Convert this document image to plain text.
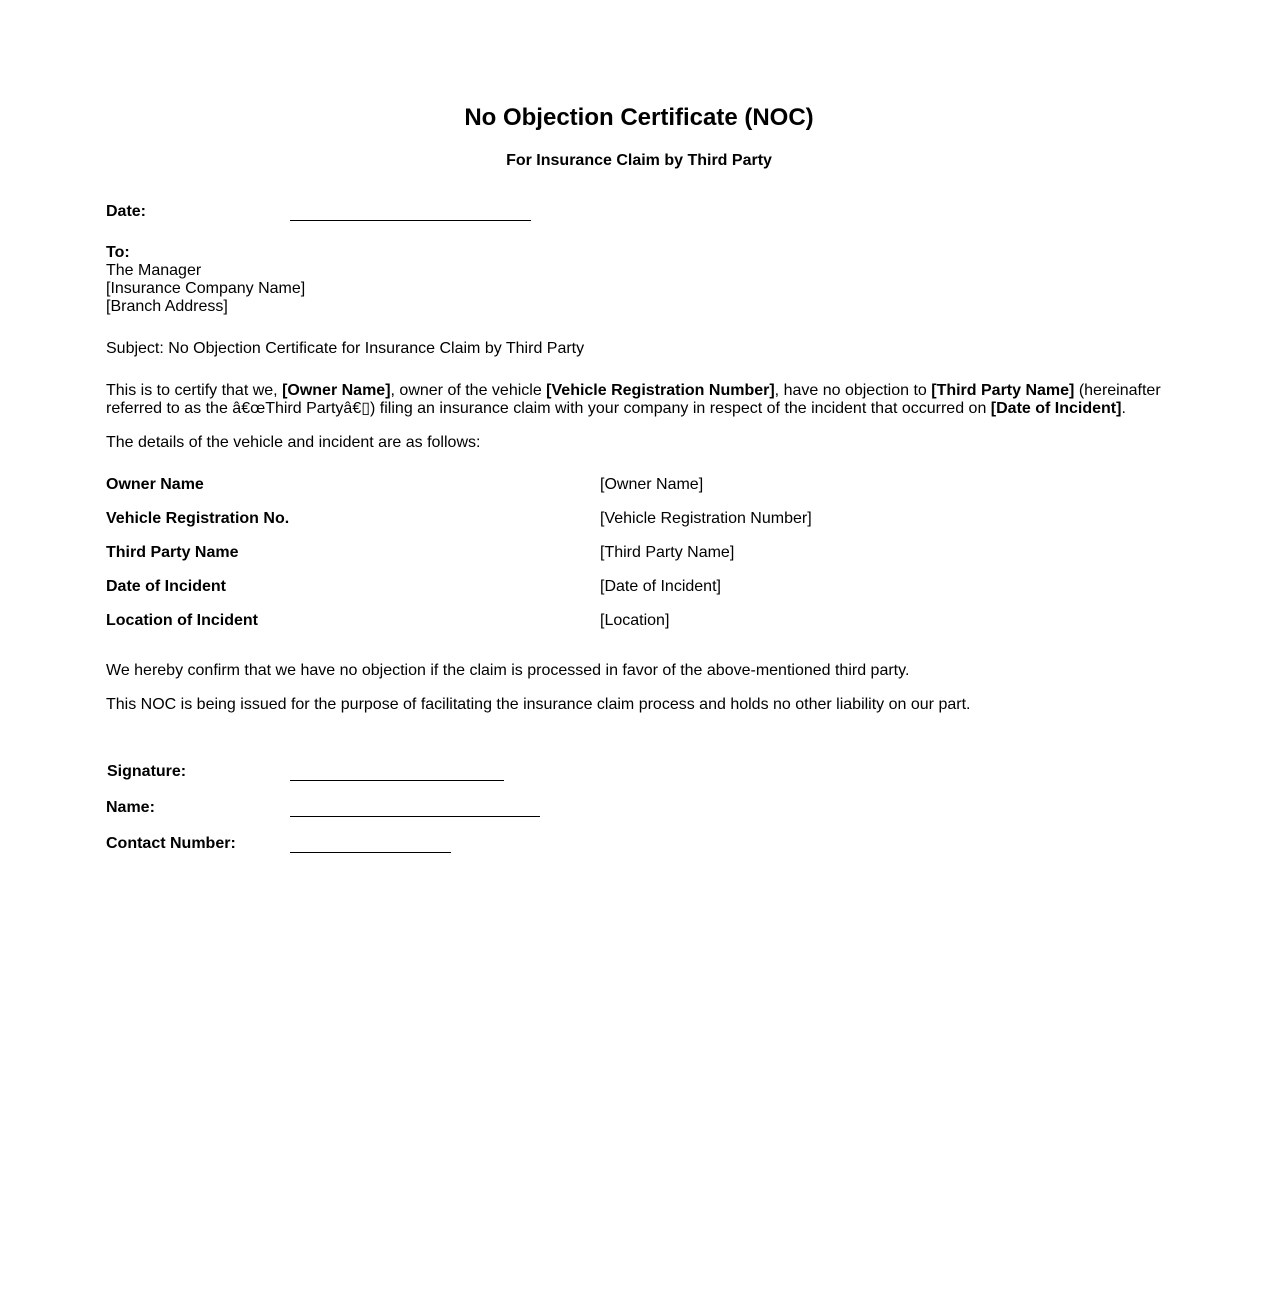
No Objection Certificate (NOC)
For Insurance Claim by Third Party
Date:
To:
The Manager
[Insurance Company Name]
[Branch Address]
Subject: No Objection Certificate for Insurance Claim by Third Party

This is to certify that we, [Owner Name], owner of the vehicle [Vehicle Registration Number], have no objection to [Third Party Name] (hereinafter referred to as the â€œThird Partyâ€▯) filing an insurance claim with your company in respect of the incident that occurred on [Date of Incident].

The details of the vehicle and incident are as follows:

Owner Name	[Owner Name]
Vehicle Registration No.	[Vehicle Registration Number]
Third Party Name	[Third Party Name]
Date of Incident	[Date of Incident]
Location of Incident	[Location]

We hereby confirm that we have no objection if the claim is processed in favor of the above-mentioned third party.

This NOC is being issued for the purpose of facilitating the insurance claim process and holds no other liability on our part.

Signature:
Name:
Contact Number:
